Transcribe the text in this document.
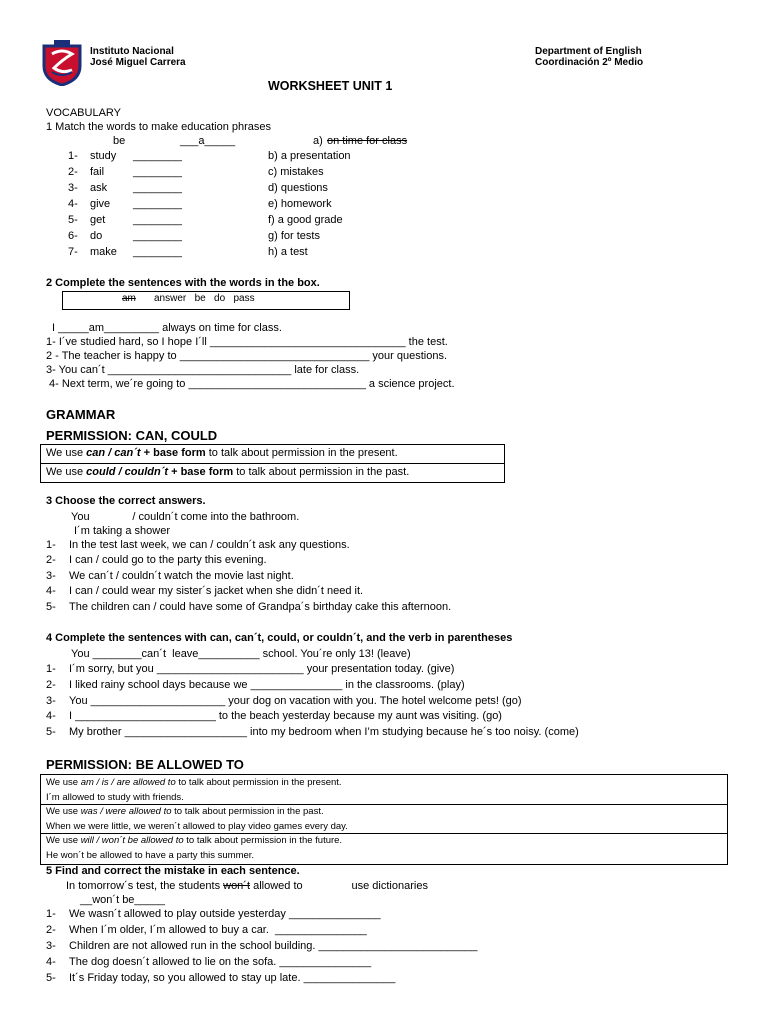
Instituto Nacional
José Miguel Carrera
Department of English
Coordinación 2º Medio
WORKSHEET UNIT 1
VOCABULARY
1 Match the words to make education phrases
be	___a_____	a) on time for class
1- study ________	b) a presentation
2- fail	________	c) mistakes
3- ask ________	d) questions
4- give ________	e) homework
5- get	________	f) a good grade
6- do	________	g) for tests
7- make ________	h) a test
2 Complete the sentences with the words in the box.
am answer   be   do   pass
I _____am_________ always on time for class.
1- I´ve studied hard, so I hope I´ll ________________________________ the test.
2 - The teacher is happy to _______________________________ your questions.
3- You can´t ______________________________ late for class.
4- Next term, we´re going to _____________________________ a science project.
GRAMMAR
PERMISSION: CAN, COULD
We use can / can´t + base form to talk about permission in the present.
We use could / couldn´t + base form to talk about permission in the past.
3 Choose the correct answers.
You              / couldn´t come into the bathroom.
I´m taking a shower
1- In the test last week, we can / couldn´t ask any questions.
2- I can / could go to the party this evening.
3- We can´t / couldn´t watch the movie last night.
4- I can / could wear my sister´s jacket when she didn´t need it.
5- The children can / could have some of Grandpa´s birthday cake this afternoon.
4 Complete the sentences with can, can´t, could, or couldn´t, and the verb in parentheses
You ________can´t  leave__________ school. You´re only 13! (leave)
1- I´m sorry, but you ________________________ your presentation today. (give)
2- I liked rainy school days because we _______________ in the classrooms. (play)
3- You ______________________ your dog on vacation with you. The hotel welcome pets! (go)
4- I _______________________ to the beach yesterday because my aunt was visiting. (go)
5- My brother ____________________ into my bedroom when I’m studying because he´s too noisy. (come)
PERMISSION: BE ALLOWED TO
We use am / is / are allowed to to talk about permission in the present.
I´m allowed to study with friends.
We use was / were allowed to to talk about permission in the past.
When we were little, we weren´t allowed to play video games every day.
We use will / won´t be allowed to to talk about permission in the future.
He won´t be allowed to have a party this summer.
5 Find and correct the mistake in each sentence.
In tomorrow´s test, the students won´t allowed to                use dictionaries
__won´t be_____
1- We wasn´t allowed to play outside yesterday _______________
2- When I´m older, I´m allowed to buy a car.  _______________
3- Children are not allowed run in the school building. __________________________
4- The dog doesn´t allowed to lie on the sofa. _______________
5- It´s Friday today, so you allowed to stay up late. _______________
